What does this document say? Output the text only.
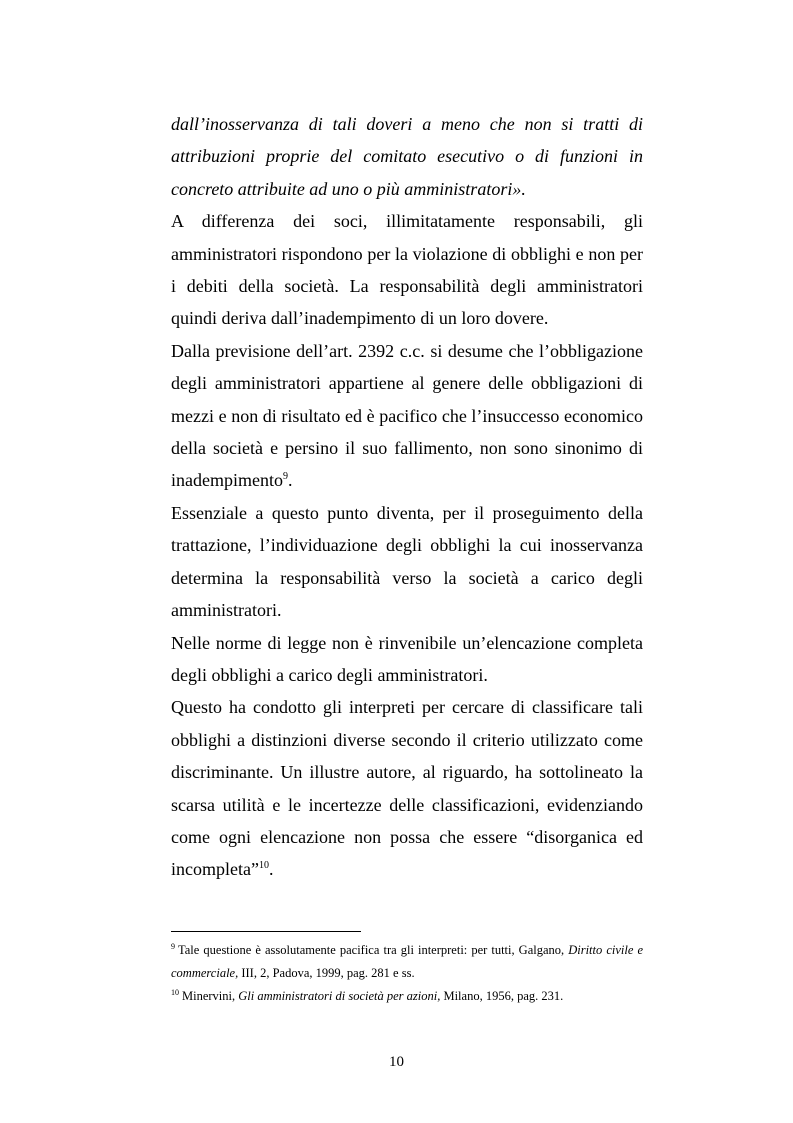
dall’inosservanza di tali doveri a meno che non si tratti di attribuzioni proprie del comitato esecutivo o di funzioni in concreto attribuite ad uno o più amministratori».

A differenza dei soci, illimitatamente responsabili, gli amministratori rispondono per la violazione di obblighi e non per i debiti della società. La responsabilità degli amministratori quindi deriva dall’inadempimento di un loro dovere.

Dalla previsione dell’art. 2392 c.c. si desume che l’obbligazione degli amministratori appartiene al genere delle obbligazioni di mezzi e non di risultato ed è pacifico che l’insuccesso economico della società e persino il suo fallimento, non sono sinonimo di inadempimento$^9$.

Essenziale a questo punto diventa, per il proseguimento della trattazione, l’individuazione degli obblighi la cui inosservanza determina la responsabilità verso la società a carico degli amministratori.

Nelle norme di legge non è rinvenibile un’elencazione completa degli obblighi a carico degli amministratori.

Questo ha condotto gli interpreti per cercare di classificare tali obblighi a distinzioni diverse secondo il criterio utilizzato come discriminante. Un illustre autore, al riguardo, ha sottolineato la scarsa utilità e le incertezze delle classificazioni, evidenziando come ogni elencazione non possa che essere “disorganica ed incompleta”$^{10}$.

$^9$ Tale questione è assolutamente pacifica tra gli interpreti: per tutti, Galgano, Diritto civile e commerciale, III, 2, Padova, 1999, pag. 281 e ss.

$^{10}$ Minervini, Gli amministratori di società per azioni, Milano, 1956, pag. 231.

10
